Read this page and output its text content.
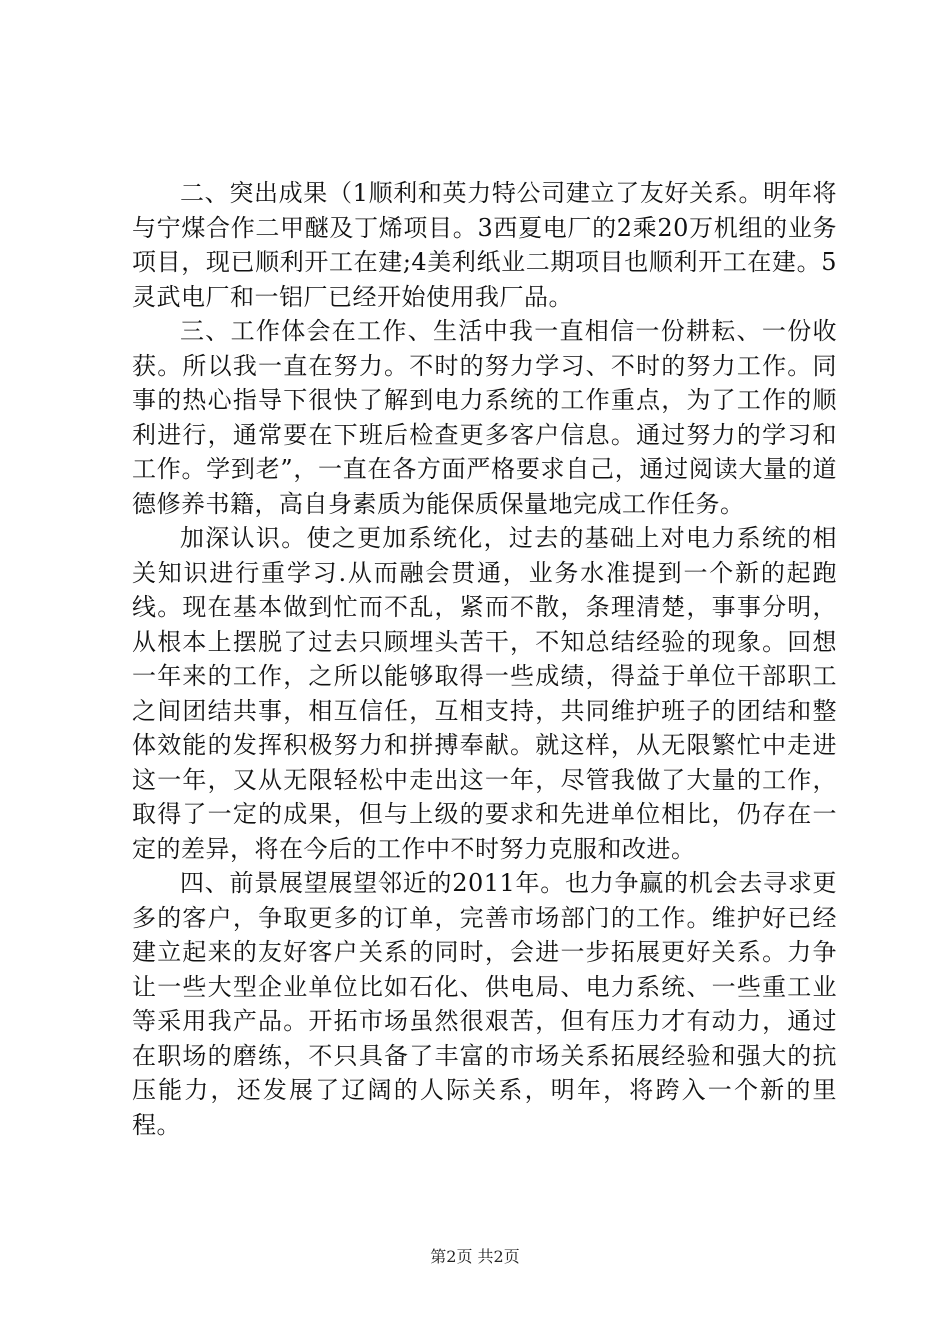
二、突出成果（1顺利和英力特公司建立了友好关系。明年将与宁煤合作二甲醚及丁烯项目。3西夏电厂的2乘20万机组的业务项目，现已顺利开工在建;4美利纸业二期项目也顺利开工在建。5灵武电厂和一铝厂已经开始使用我厂品。

三、工作体会在工作、生活中我一直相信一份耕耘、一份收获。所以我一直在努力。不时的努力学习、不时的努力工作。同事的热心指导下很快了解到电力系统的工作重点，为了工作的顺利进行，通常要在下班后检查更多客户信息。通过努力的学习和工作。学到老”，一直在各方面严格要求自己，通过阅读大量的道德修养书籍，高自身素质为能保质保量地完成工作任务。

加深认识。使之更加系统化，过去的基础上对电力系统的相关知识进行重学习.从而融会贯通，业务水准提到一个新的起跑线。现在基本做到忙而不乱，紧而不散，条理清楚，事事分明，从根本上摆脱了过去只顾埋头苦干，不知总结经验的现象。回想一年来的工作，之所以能够取得一些成绩，得益于单位干部职工之间团结共事，相互信任，互相支持，共同维护班子的团结和整体效能的发挥积极努力和拼搏奉献。就这样，从无限繁忙中走进这一年，又从无限轻松中走出这一年，尽管我做了大量的工作，取得了一定的成果，但与上级的要求和先进单位相比，仍存在一定的差异，将在今后的工作中不时努力克服和改进。

四、前景展望展望邻近的2011年。也力争赢的机会去寻求更多的客户，争取更多的订单，完善市场部门的工作。维护好已经建立起来的友好客户关系的同时，会进一步拓展更好关系。力争让一些大型企业单位比如石化、供电局、电力系统、一些重工业等采用我产品。开拓市场虽然很艰苦，但有压力才有动力，通过在职场的磨练，不只具备了丰富的市场关系拓展经验和强大的抗压能力，还发展了辽阔的人际关系，明年，将跨入一个新的里程。

第2页 共2页
